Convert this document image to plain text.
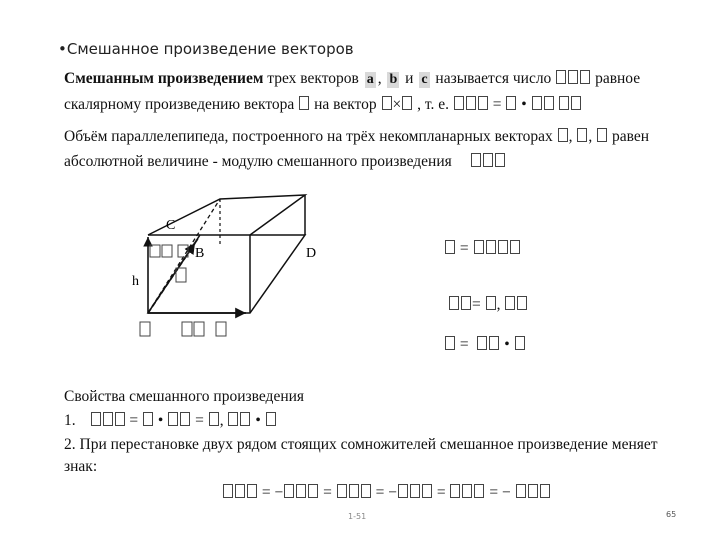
•Смешанное произведение векторов
Смешанным произведением трех векторов a , b и c называется число	равное
скалярному произведению вектора на вектор × , т. е.	=  •
Объём параллелепипеда, построенного на трёх некомпланарных векторах , ,  равен
абсолютной величине - модулю смешанного произведения
C
B	D
h
=
= ,
=   •
Свойства смешанного произведения
1.	=  •  = ,  •
2. При перестановке двух рядом стоящих сомножителей смешанное произведение меняет
знак:
= − =  = − =  = −
1-51	65
